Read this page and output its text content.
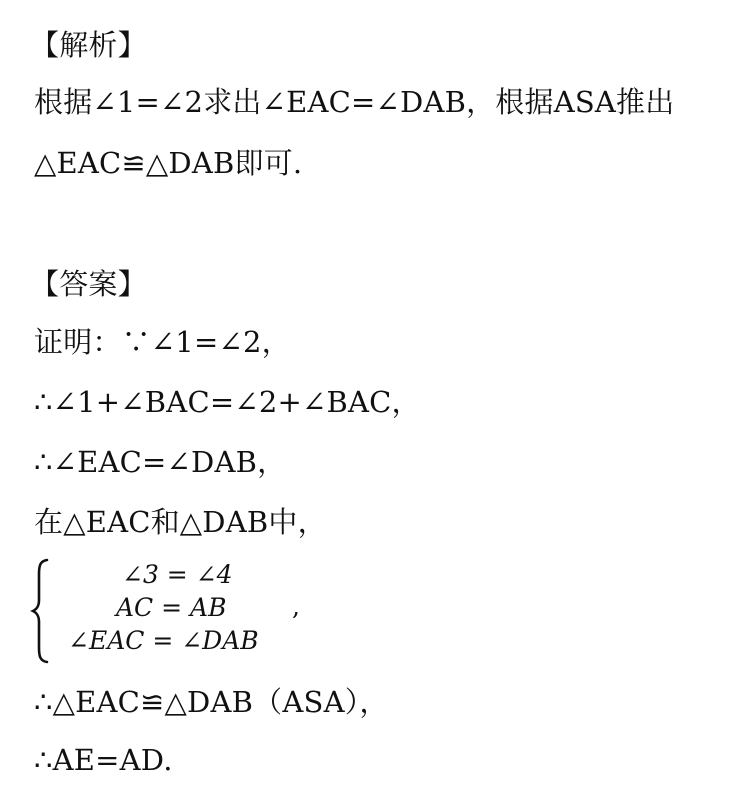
【解析】
根据∠1=∠2求出∠EAC=∠DAB，根据ASA推出
△EAC≌△DAB即可.
【答案】
证明：∵∠1=∠2，
∴∠1+∠BAC=∠2+∠BAC，
∴∠EAC=∠DAB，
在△EAC和△DAB中，
∠3 = ∠4
AC = AB
∠EAC = ∠DAB
,
∴△EAC≌△DAB（ASA），
∴AE=AD.
